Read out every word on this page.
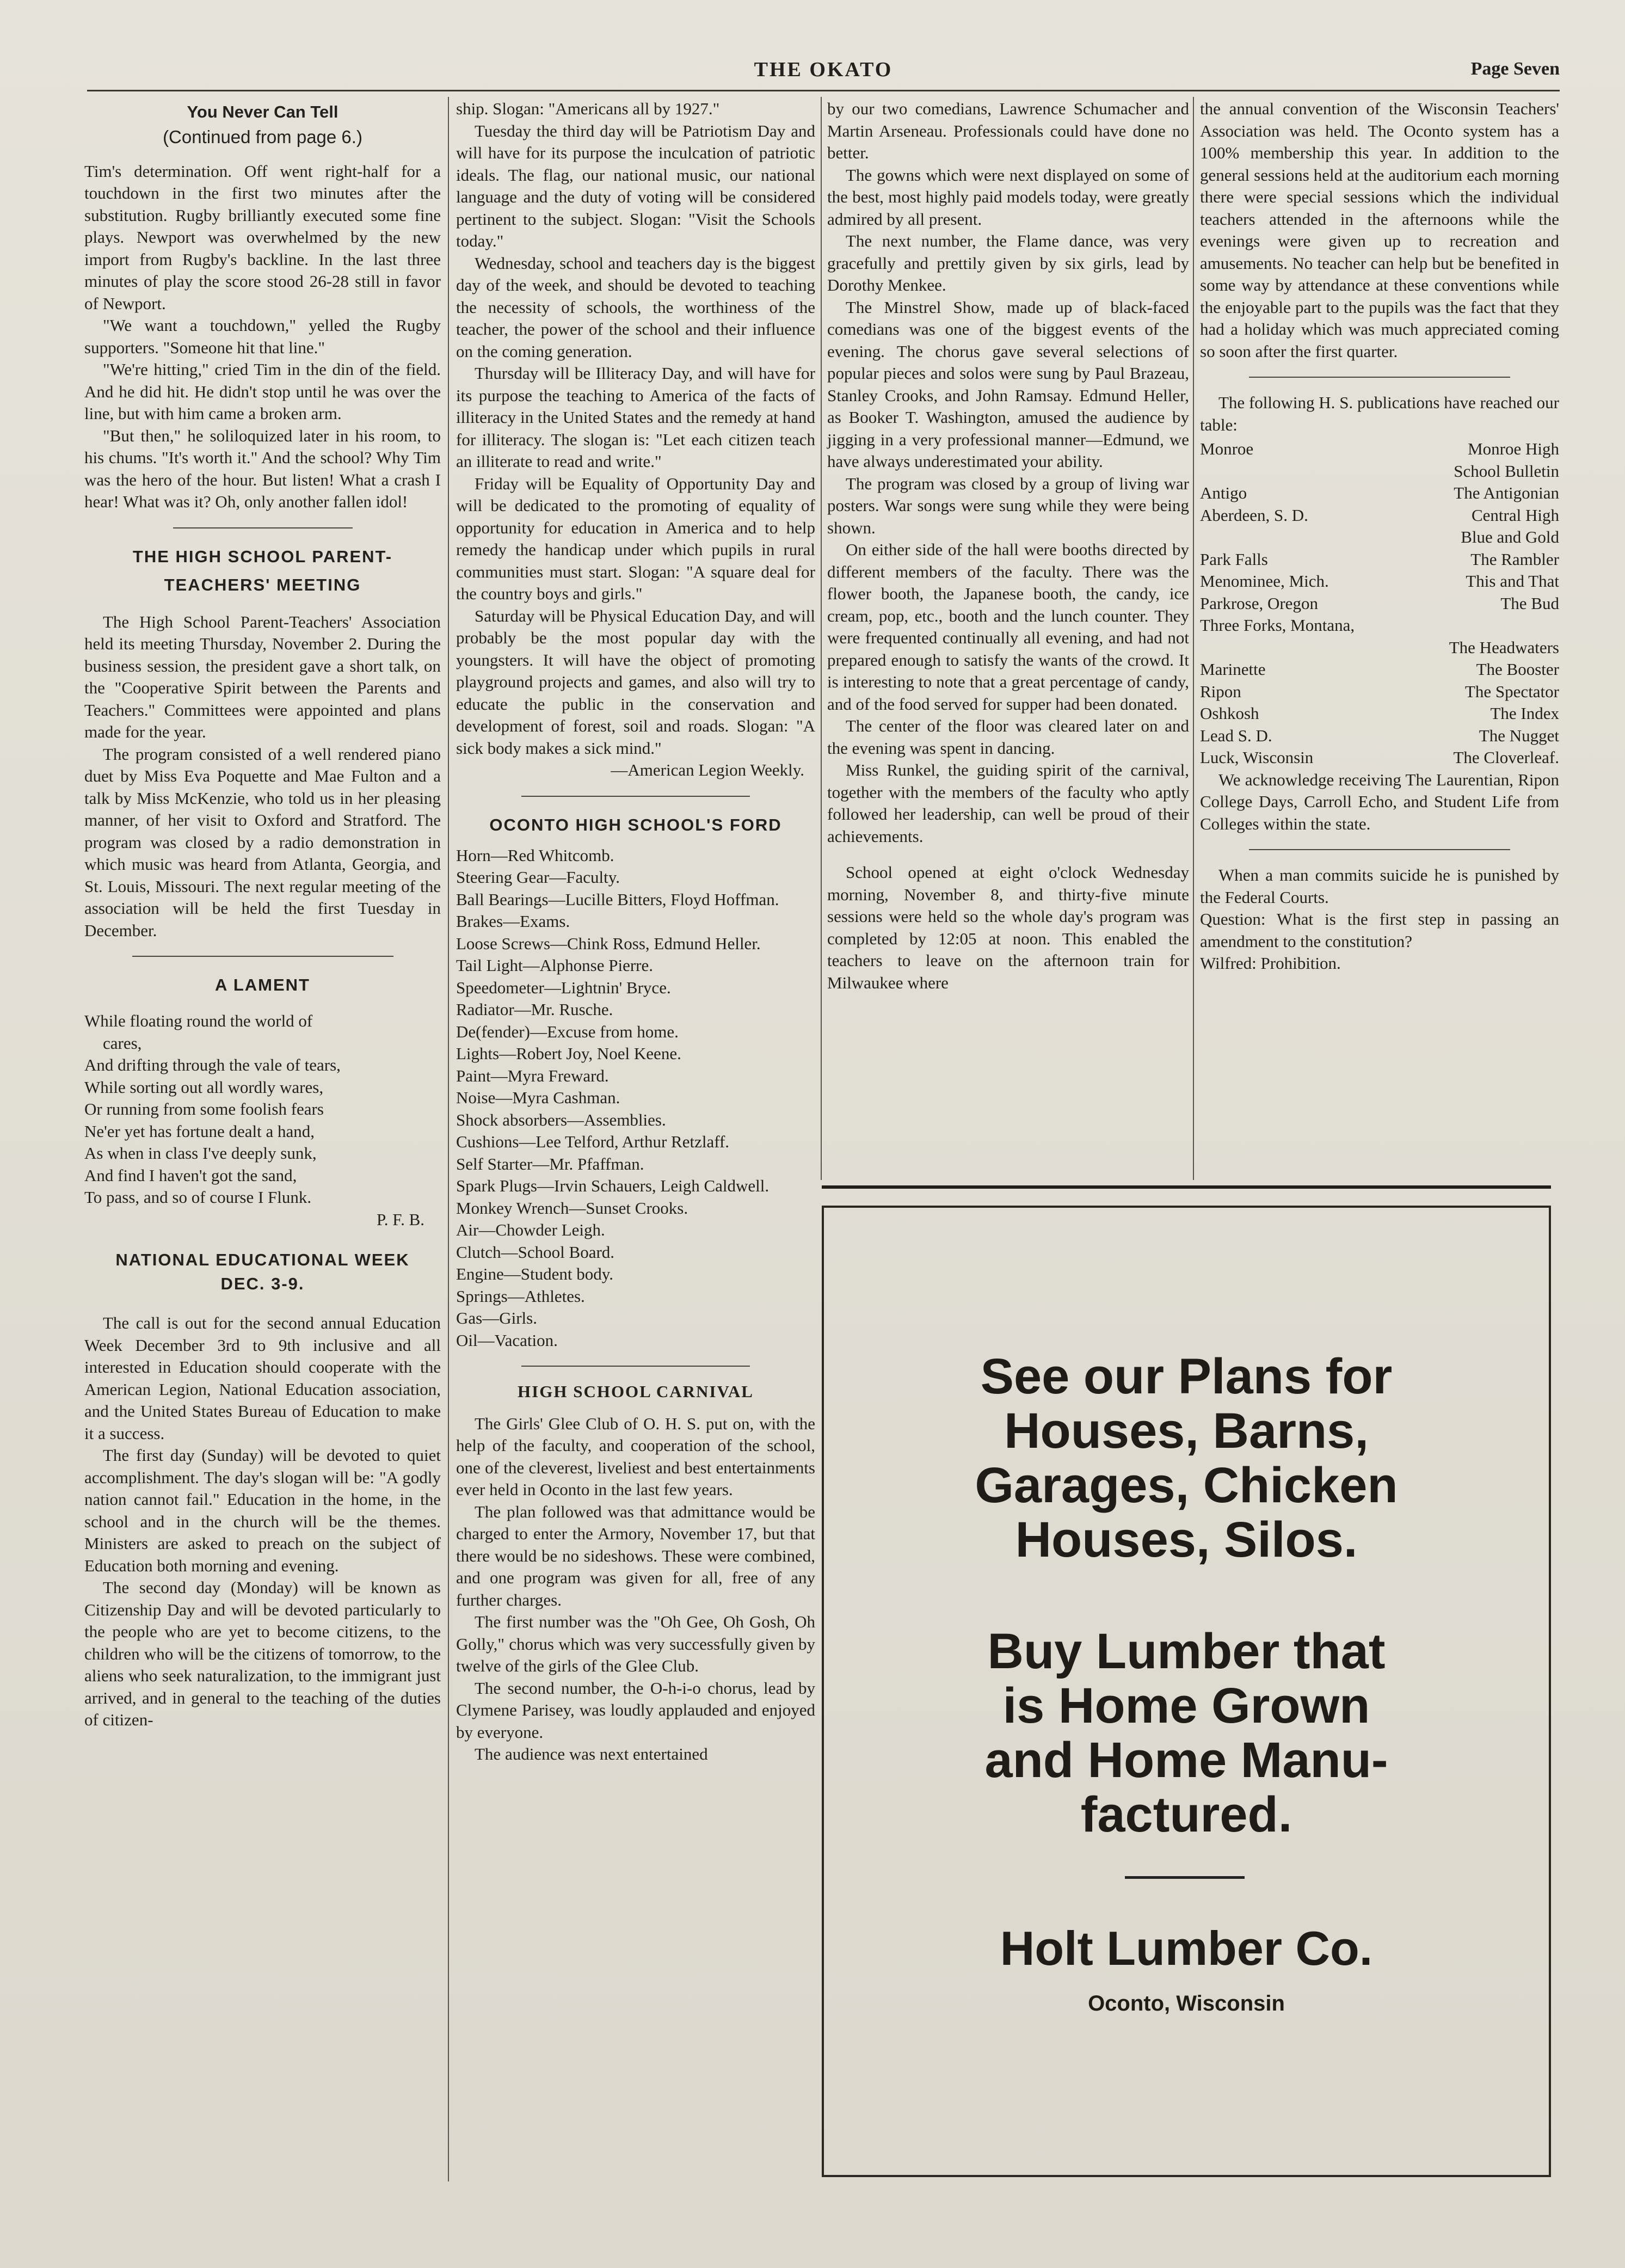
THE OKATO	Page Seven
You Never Can Tell
(Continued from page 6.)

Tim's determination. Off went right-half for a touchdown in the first two minutes after the substitution. Rugby brilliantly executed some fine plays. Newport was overwhelmed by the new import from Rugby's backline. In the last three minutes of play the score stood 26-28 still in favor of Newport.

"We want a touchdown," yelled the Rugby supporters. "Someone hit that line."

"We're hitting," cried Tim in the din of the field. And he did hit. He didn't stop until he was over the line, but with him came a broken arm.

"But then," he soliloquized later in his room, to his chums. "It's worth it." And the school? Why Tim was the hero of the hour. But listen! What a crash I hear! What was it? Oh, only another fallen idol!

THE HIGH SCHOOL PARENT-
TEACHERS' MEETING

The High School Parent-Teachers' Association held its meeting Thursday, November 2. During the business session, the president gave a short talk, on the "Cooperative Spirit between the Parents and Teachers." Committees were appointed and plans made for the year.

The program consisted of a well rendered piano duet by Miss Eva Poquette and Mae Fulton and a talk by Miss McKenzie, who told us in her pleasing manner, of her visit to Oxford and Stratford. The program was closed by a radio demonstration in which music was heard from Atlanta, Georgia, and St. Louis, Missouri. The next regular meeting of the association will be held the first Tuesday in December.

A LAMENT
While floating round the world of
cares,
And drifting through the vale of tears,
While sorting out all wordly wares,
Or running from some foolish fears
Ne'er yet has fortune dealt a hand,
As when in class I've deeply sunk,
And find I haven't got the sand,
To pass, and so of course I Flunk.
P. F. B.
NATIONAL EDUCATIONAL WEEK
DEC. 3-9.

The call is out for the second annual Education Week December 3rd to 9th inclusive and all interested in Education should cooperate with the American Legion, National Education association, and the United States Bureau of Education to make it a success.

The first day (Sunday) will be devoted to quiet accomplishment. The day's slogan will be: "A godly nation cannot fail." Education in the home, in the school and in the church will be the themes. Ministers are asked to preach on the subject of Education both morning and evening.

The second day (Monday) will be known as Citizenship Day and will be devoted particularly to the people who are yet to become citizens, to the children who will be the citizens of tomorrow, to the aliens who seek naturalization, to the immigrant just arrived, and in general to the teaching of the duties of citizen-

ship. Slogan: "Americans all by 1927."

Tuesday the third day will be Patriotism Day and will have for its purpose the inculcation of patriotic ideals. The flag, our national music, our national language and the duty of voting will be considered pertinent to the subject. Slogan: "Visit the Schools today."

Wednesday, school and teachers day is the biggest day of the week, and should be devoted to teaching the necessity of schools, the worthiness of the teacher, the power of the school and their influence on the coming generation.

Thursday will be Illiteracy Day, and will have for its purpose the teaching to America of the facts of illiteracy in the United States and the remedy at hand for illiteracy. The slogan is: "Let each citizen teach an illiterate to read and write."

Friday will be Equality of Opportunity Day and will be dedicated to the promoting of equality of opportunity for education in America and to help remedy the handicap under which pupils in rural communities must start. Slogan: "A square deal for the country boys and girls."

Saturday will be Physical Education Day, and will probably be the most popular day with the youngsters. It will have the object of promoting playground projects and games, and also will try to educate the public in the conservation and development of forest, soil and roads. Slogan: "A sick body makes a sick mind."

—American Legion Weekly.
OCONTO HIGH SCHOOL'S FORD
Horn—Red Whitcomb.
Steering Gear—Faculty.
Ball Bearings—Lucille Bitters, Floyd Hoffman.
Brakes—Exams.
Loose Screws—Chink Ross, Edmund Heller.
Tail Light—Alphonse Pierre.
Speedometer—Lightnin' Bryce.
Radiator—Mr. Rusche.
De(fender)—Excuse from home.
Lights—Robert Joy, Noel Keene.
Paint—Myra Freward.
Noise—Myra Cashman.
Shock absorbers—Assemblies.
Cushions—Lee Telford, Arthur Retzlaff.
Self Starter—Mr. Pfaffman.
Spark Plugs—Irvin Schauers, Leigh Caldwell.
Monkey Wrench—Sunset Crooks.
Air—Chowder Leigh.
Clutch—School Board.
Engine—Student body.
Springs—Athletes.
Gas—Girls.
Oil—Vacation.
HIGH SCHOOL CARNIVAL

The Girls' Glee Club of O. H. S. put on, with the help of the faculty, and cooperation of the school, one of the cleverest, liveliest and best entertainments ever held in Oconto in the last few years.

The plan followed was that admittance would be charged to enter the Armory, November 17, but that there would be no sideshows. These were combined, and one program was given for all, free of any further charges.

The first number was the "Oh Gee, Oh Gosh, Oh Golly," chorus which was very successfully given by twelve of the girls of the Glee Club.

The second number, the O-h-i-o chorus, lead by Clymene Parisey, was loudly applauded and enjoyed by everyone.

The audience was next entertained

by our two comedians, Lawrence Schumacher and Martin Arseneau. Professionals could have done no better.

The gowns which were next displayed on some of the best, most highly paid models today, were greatly admired by all present.

The next number, the Flame dance, was very gracefully and prettily given by six girls, lead by Dorothy Menkee.

The Minstrel Show, made up of black-faced comedians was one of the biggest events of the evening. The chorus gave several selections of popular pieces and solos were sung by Paul Brazeau, Stanley Crooks, and John Ramsay. Edmund Heller, as Booker T. Washington, amused the audience by jigging in a very professional manner—Edmund, we have always underestimated your ability.

The program was closed by a group of living war posters. War songs were sung while they were being shown.

On either side of the hall were booths directed by different members of the faculty. There was the flower booth, the Japanese booth, the candy, ice cream, pop, etc., booth and the lunch counter. They were frequented continually all evening, and had not prepared enough to satisfy the wants of the crowd. It is interesting to note that a great percentage of candy, and of the food served for supper had been donated.

The center of the floor was cleared later on and the evening was spent in dancing.

Miss Runkel, the guiding spirit of the carnival, together with the members of the faculty who aptly followed her leadership, can well be proud of their achievements.

School opened at eight o'clock Wednesday morning, November 8, and thirty-five minute sessions were held so the whole day's program was completed by 12:05 at noon. This enabled the teachers to leave on the afternoon train for Milwaukee where

the annual convention of the Wisconsin Teachers' Association was held. The Oconto system has a 100% membership this year. In addition to the general sessions held at the auditorium each morning there were special sessions which the individual teachers attended in the afternoons while the evenings were given up to recreation and amusements. No teacher can help but be benefited in some way by attendance at these conventions while the enjoyable part to the pupils was the fact that they had a holiday which was much appreciated coming so soon after the first quarter.

The following H. S. publications have reached our table:

Monroe	Monroe High
School Bulletin
Antigo	The Antigonian
Aberdeen, S. D.	Central High
Blue and Gold
Park Falls	The Rambler
Menominee, Mich.	This and That
Parkrose, Oregon	The Bud
Three Forks, Montana,
The Headwaters
Marinette	The Booster
Ripon	The Spectator
Oshkosh	The Index
Lead S. D.	The Nugget
Luck, Wisconsin	The Cloverleaf.

We acknowledge receiving The Laurentian, Ripon College Days, Carroll Echo, and Student Life from Colleges within the state.

When a man commits suicide he is punished by the Federal Courts.

Question: What is the first step in passing an amendment to the constitution?

Wilfred: Prohibition.

See our Plans for
Houses, Barns,
Garages, Chicken
Houses, Silos.
Buy Lumber that
is Home Grown
and Home Manu-
factured.
Holt Lumber Co.
Oconto, Wisconsin
